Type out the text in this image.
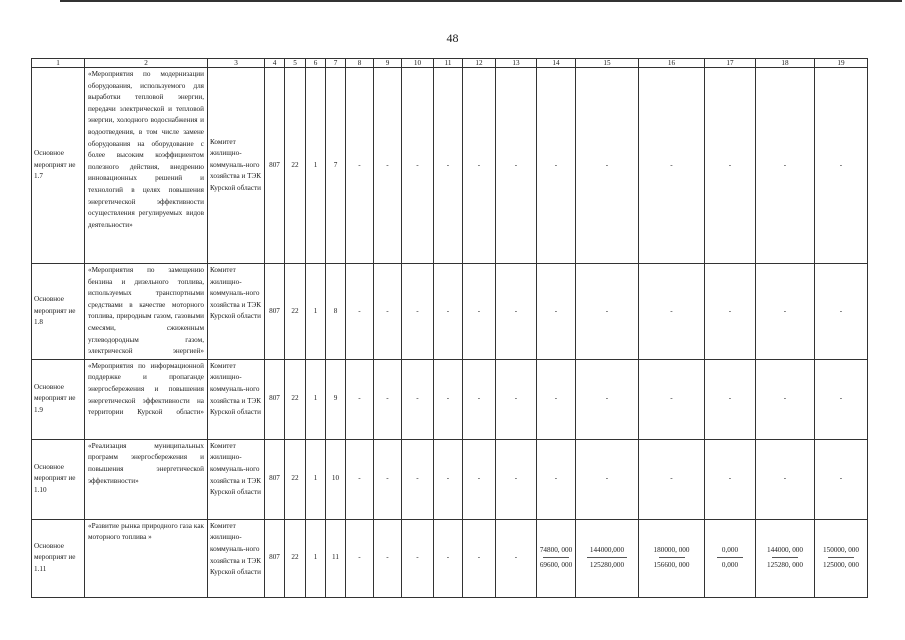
48
1	2	3	4	5	6	7	8	9	10	11	12	13	14	15	16	17	18	19
Основное мероприят ие 1.7	«Мероприятия по модернизации оборудования, используемого для выработки тепловой энергии, передачи электрической и тепловой энергии, холодного водоснабжения и водоотведения, в том числе замене оборудования на оборудование с более высоким коэффициентом полезного действия, внедрению инновационных решений и технологий в целях повышения энергетической эффективности осуществления регулируемых видов деятельности»	Комитет жилищно-коммуналь-ного хозяйства и ТЭК Курской области	807	22	1	7	-	-	-	-	-	-	-	-	-	-	-	-
Основное мероприят ие 1.8	«Мероприятия по замещению бензина и дизельного топлива, используемых транспортными средствами в качестве моторного топлива, природным газом, газовыми смесями, сжиженным углеводородным газом, электрической энергией»	Комитет жилищно-коммуналь-ного хозяйства и ТЭК Курской области	807	22	1	8	-	-	-	-	-	-	-	-	-	-	-	-
Основное мероприят ие 1.9	«Мероприятия по информационной поддержке и пропаганде энергосбережения и повышения энергетической эффективности на территории Курской области»	Комитет жилищно-коммуналь-ного хозяйства и ТЭК Курской области	807	22	1	9	-	-	-	-	-	-	-	-	-	-	-	-
Основное мероприят ие 1.10	«Реализация муниципальных программ энергосбережения и повышения энергетической эффективности»	Комитет жилищно-коммуналь-ного хозяйства и ТЭК Курской области	807	22	1	10	-	-	-	-	-	-	-	-	-	-	-	-
Основное мероприят ие 1.11	«Развитие рынка природного газа как моторного топлива »	Комитет жилищно-коммуналь-ного хозяйства и ТЭК Курской области	807	22	1	11	-	-	-	-	-	-	$\frac{74800, 000}{69600, 000}$	$\frac{144000,000}{125280,000}$	$\frac{180000, 000}{156600, 000}$	$\frac{0,000}{0,000}$	$\frac{144000, 000}{125280, 000}$	$\frac{150000, 000}{125000, 000}$
